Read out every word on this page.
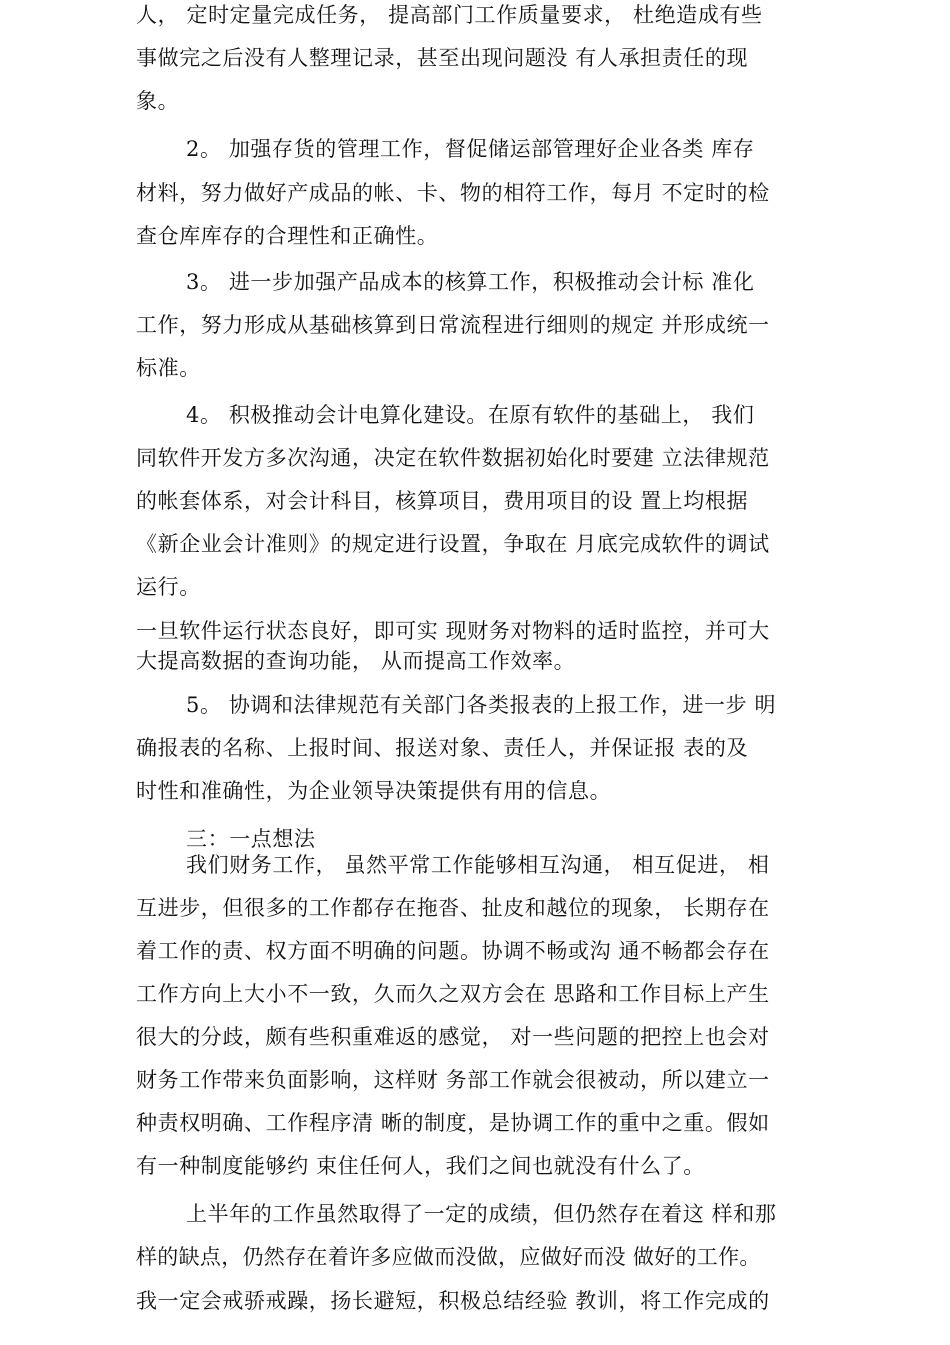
人， 定时定量完成任务， 提高部门工作质量要求， 杜绝造成有些
事做完之后没有人整理记录，甚至出现问题没 有人承担责任的现
象。
2。 加强存货的管理工作，督促储运部管理好企业各类 库存
材料，努力做好产成品的帐、卡、物的相符工作，每月 不定时的检
查仓库库存的合理性和正确性。
3。 进一步加强产品成本的核算工作，积极推动会计标 准化
工作，努力形成从基础核算到日常流程进行细则的规定 并形成统一
标准。
4。 积极推动会计电算化建设。在原有软件的基础上， 我们
同软件开发方多次沟通，决定在软件数据初始化时要建 立法律规范
的帐套体系，对会计科目，核算项目，费用项目的设 置上均根据
《新企业会计准则》的规定进行设置，争取在 月底完成软件的调试
运行。
一旦软件运行状态良好，即可实 现财务对物料的适时监控，并可大
大提高数据的查询功能， 从而提高工作效率。
5。 协调和法律规范有关部门各类报表的上报工作，进一步 明
确报表的名称、上报时间、报送对象、责任人，并保证报 表的及
时性和准确性，为企业领导决策提供有用的信息。
三：一点想法
我们财务工作， 虽然平常工作能够相互沟通， 相互促进， 相
互进步，但很多的工作都存在拖沓、扯皮和越位的现象， 长期存在
着工作的责、权方面不明确的问题。协调不畅或沟 通不畅都会存在
工作方向上大小不一致，久而久之双方会在 思路和工作目标上产生
很大的分歧，颇有些积重难返的感觉， 对一些问题的把控上也会对
财务工作带来负面影响，这样财 务部工作就会很被动，所以建立一
种责权明确、工作程序清 晰的制度，是协调工作的重中之重。假如
有一种制度能够约 束住任何人，我们之间也就没有什么了。
上半年的工作虽然取得了一定的成绩，但仍然存在着这 样和那
样的缺点，仍然存在着许多应做而没做，应做好而没 做好的工作。
我一定会戒骄戒躁，扬长避短，积极总结经验 教训，将工作完成的
